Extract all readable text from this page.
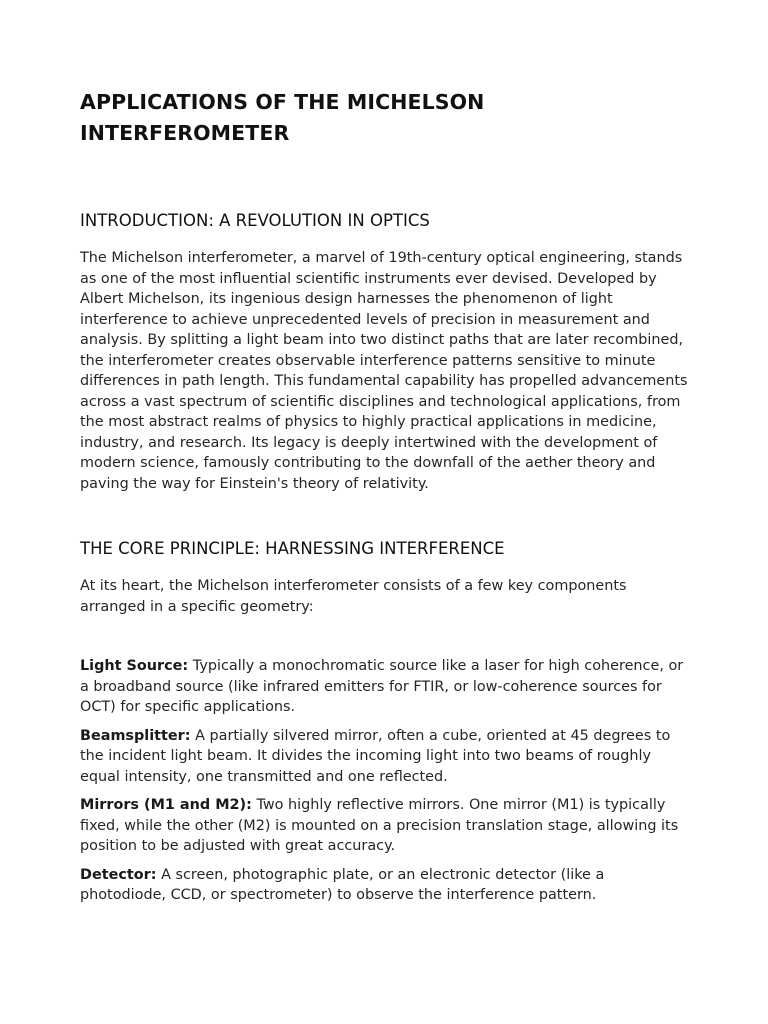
APPLICATIONS OF THE MICHELSON INTERFEROMETER
INTRODUCTION: A REVOLUTION IN OPTICS

The Michelson interferometer, a marvel of 19th-century optical engineering, stands as one of the most influential scientific instruments ever devised. Developed by Albert Michelson, its ingenious design harnesses the phenomenon of light interference to achieve unprecedented levels of precision in measurement and analysis. By splitting a light beam into two distinct paths that are later recombined, the interferometer creates observable interference patterns sensitive to minute differences in path length. This fundamental capability has propelled advancements across a vast spectrum of scientific disciplines and technological applications, from the most abstract realms of physics to highly practical applications in medicine, industry, and research. Its legacy is deeply intertwined with the development of modern science, famously contributing to the downfall of the aether theory and paving the way for Einstein's theory of relativity.

THE CORE PRINCIPLE: HARNESSING INTERFERENCE

At its heart, the Michelson interferometer consists of a few key components arranged in a specific geometry:

Light Source: Typically a monochromatic source like a laser for high coherence, or a broadband source (like infrared emitters for FTIR, or low-coherence sources for OCT) for specific applications.
Beamsplitter: A partially silvered mirror, often a cube, oriented at 45 degrees to the incident light beam. It divides the incoming light into two beams of roughly equal intensity, one transmitted and one reflected.
Mirrors (M1 and M2): Two highly reflective mirrors. One mirror (M1) is typically fixed, while the other (M2) is mounted on a precision translation stage, allowing its position to be adjusted with great accuracy.
Detector: A screen, photographic plate, or an electronic detector (like a photodiode, CCD, or spectrometer) to observe the interference pattern.
